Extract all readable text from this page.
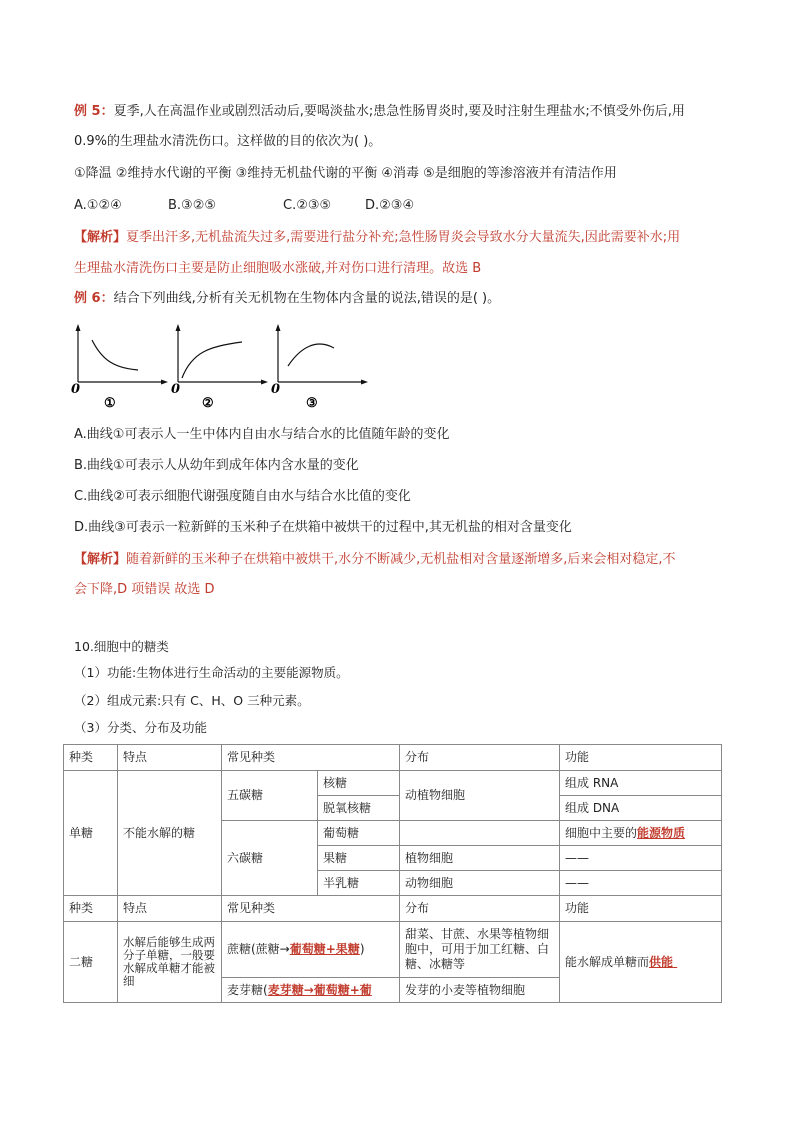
例 5：夏季,人在高温作业或剧烈活动后,要喝淡盐水;患急性肠胃炎时,要及时注射生理盐水;不慎受外伤后,用
0.9%的生理盐水清洗伤口。这样做的目的依次为( )。
①降温 ②维持水代谢的平衡 ③维持无机盐代谢的平衡 ④消毒 ⑤是细胞的等渗溶液并有清洁作用
A.①②④	B.③②⑤	C.②③⑤	D.②③④
【解析】夏季出汗多,无机盐流失过多,需要进行盐分补充;急性肠胃炎会导致水分大量流失,因此需要补水;用
生理盐水清洗伤口主要是防止细胞吸水涨破,并对伤口进行清理。故选 B
例 6：结合下列曲线,分析有关无机物在生物体内含量的说法,错误的是( )。
0
①
0
②
0
③
A.曲线①可表示人一生中体内自由水与结合水的比值随年龄的变化
B.曲线①可表示人从幼年到成年体内含水量的变化
C.曲线②可表示细胞代谢强度随自由水与结合水比值的变化
D.曲线③可表示一粒新鲜的玉米种子在烘箱中被烘干的过程中,其无机盐的相对含量变化
【解析】随着新鲜的玉米种子在烘箱中被烘干,水分不断减少,无机盐相对含量逐渐增多,后来会相对稳定,不
会下降,D 项错误 故选 D
10.细胞中的糖类
（1）功能:生物体进行生命活动的主要能源物质。
（2）组成元素:只有 C、H、O 三种元素。
（3）分类、分布及功能
种类	特点	常见种类		分布	功能
单糖	不能水解的糖	五碳糖	核糖	动植物细胞	组成 RNA
			脱氧核糖		组成 DNA
		六碳糖	葡萄糖		细胞中主要的能源物质
			果糖	植物细胞	——
			半乳糖	动物细胞	——
种类	特点	常见种类		分布	功能
二糖	水解后能够生成两分子单糖，一般要水解成单糖才能被细	蔗糖(蔗糖→葡萄糖+果糖)		甜菜、甘蔗、水果等植物细胞中，可用于加工红糖、白糖、冰糖等	能水解成单糖而供能
		麦芽糖(麦芽糖→葡萄糖+葡		发芽的小麦等植物细胞	
